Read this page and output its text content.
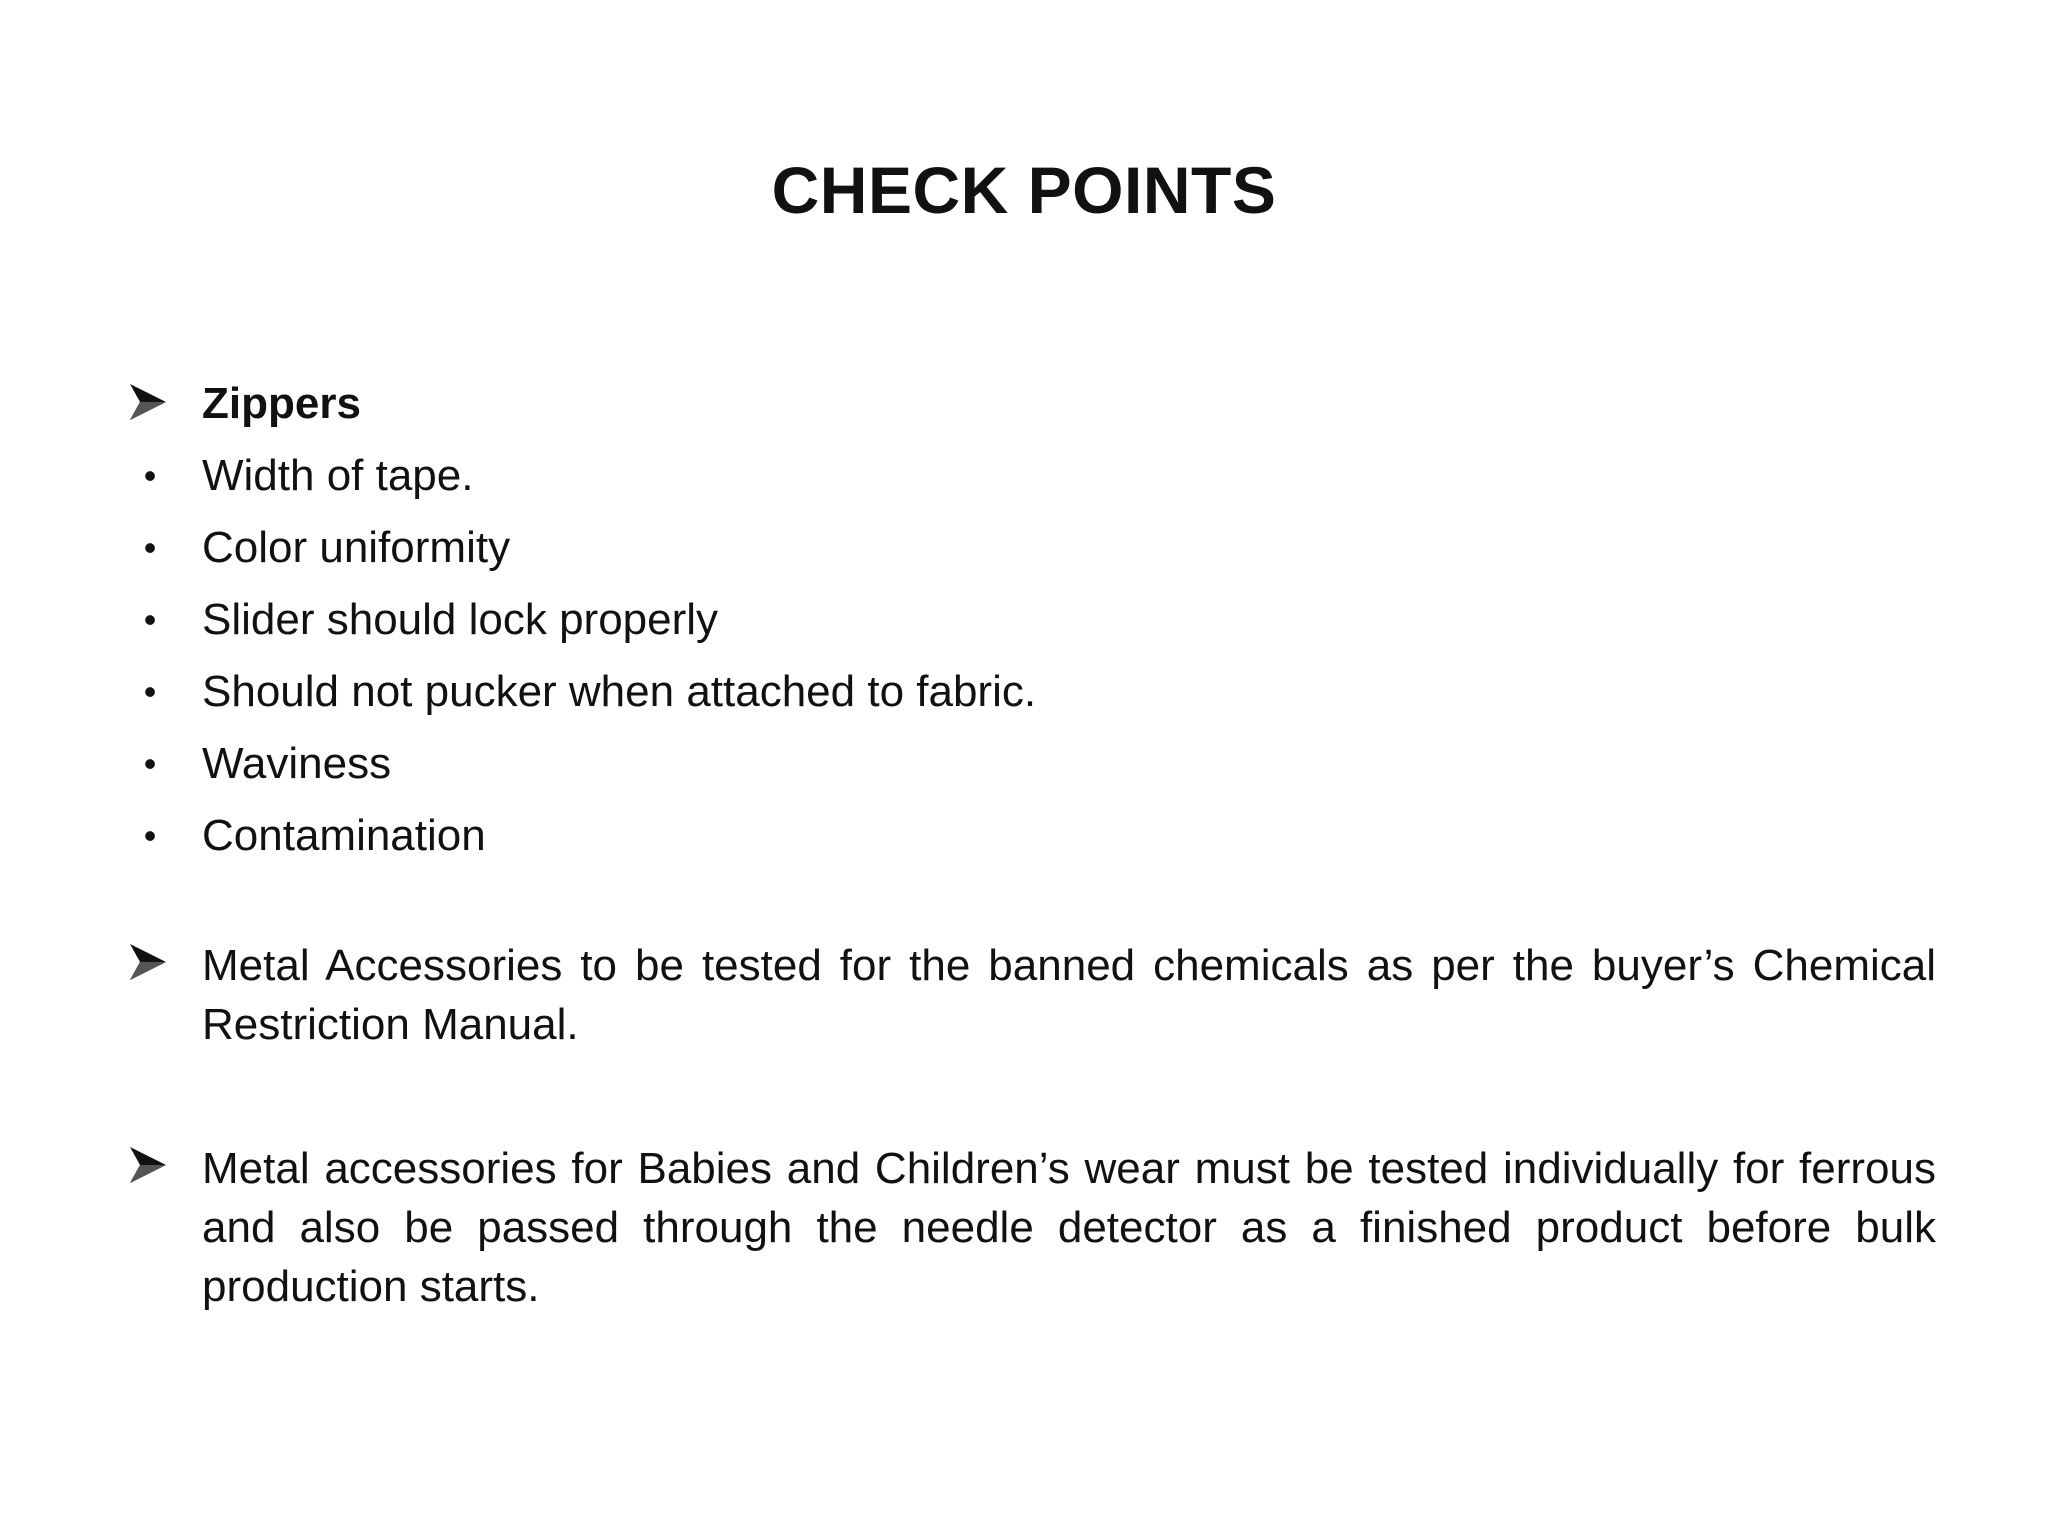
CHECK POINTS
Zippers
•	Width of tape.
•	Color uniformity
•	Slider should lock properly
•	Should not pucker when attached to fabric.
•	Waviness
•	Contamination
Metal Accessories to be tested for the banned chemicals as per the buyer’s Chemical Restriction Manual.
Metal accessories for Babies and Children’s wear must be tested individually for ferrous and also be passed through the needle detector as a finished product before bulk production starts.
